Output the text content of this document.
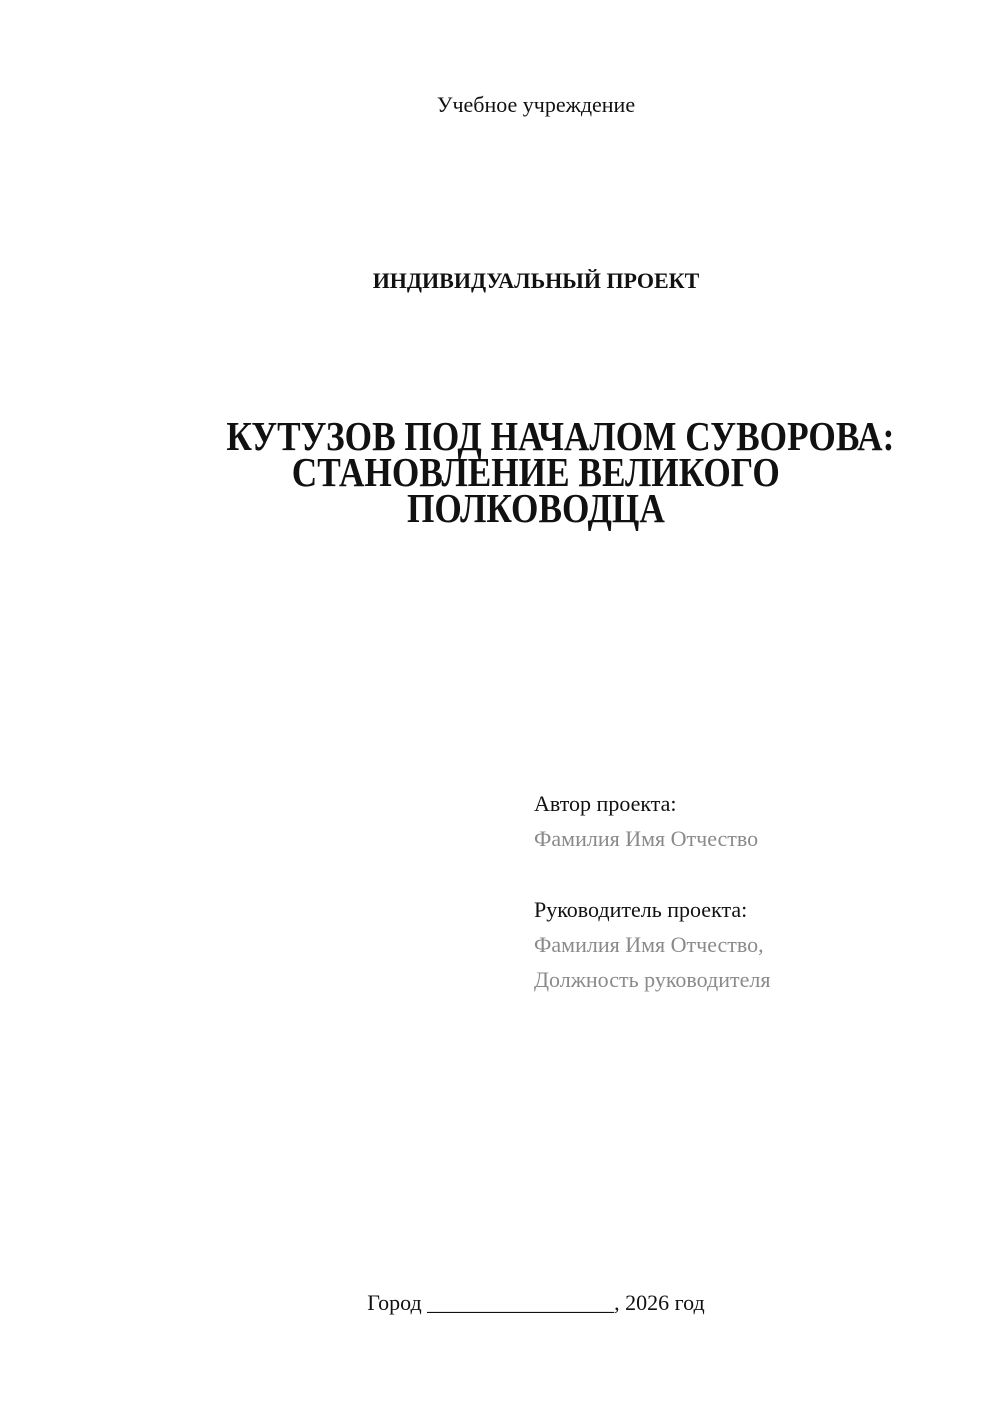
Учебное учреждение
ИНДИВИДУАЛЬНЫЙ ПРОЕКТ
КУТУЗОВ ПОД НАЧАЛОМ СУВОРОВА:
СТАНОВЛЕНИЕ ВЕЛИКОГО
ПОЛКОВОДЦА
Автор проекта:
Фамилия Имя Отчество
Руководитель проекта:
Фамилия Имя Отчество,
Должность руководителя
Город _________________, 2026 год
